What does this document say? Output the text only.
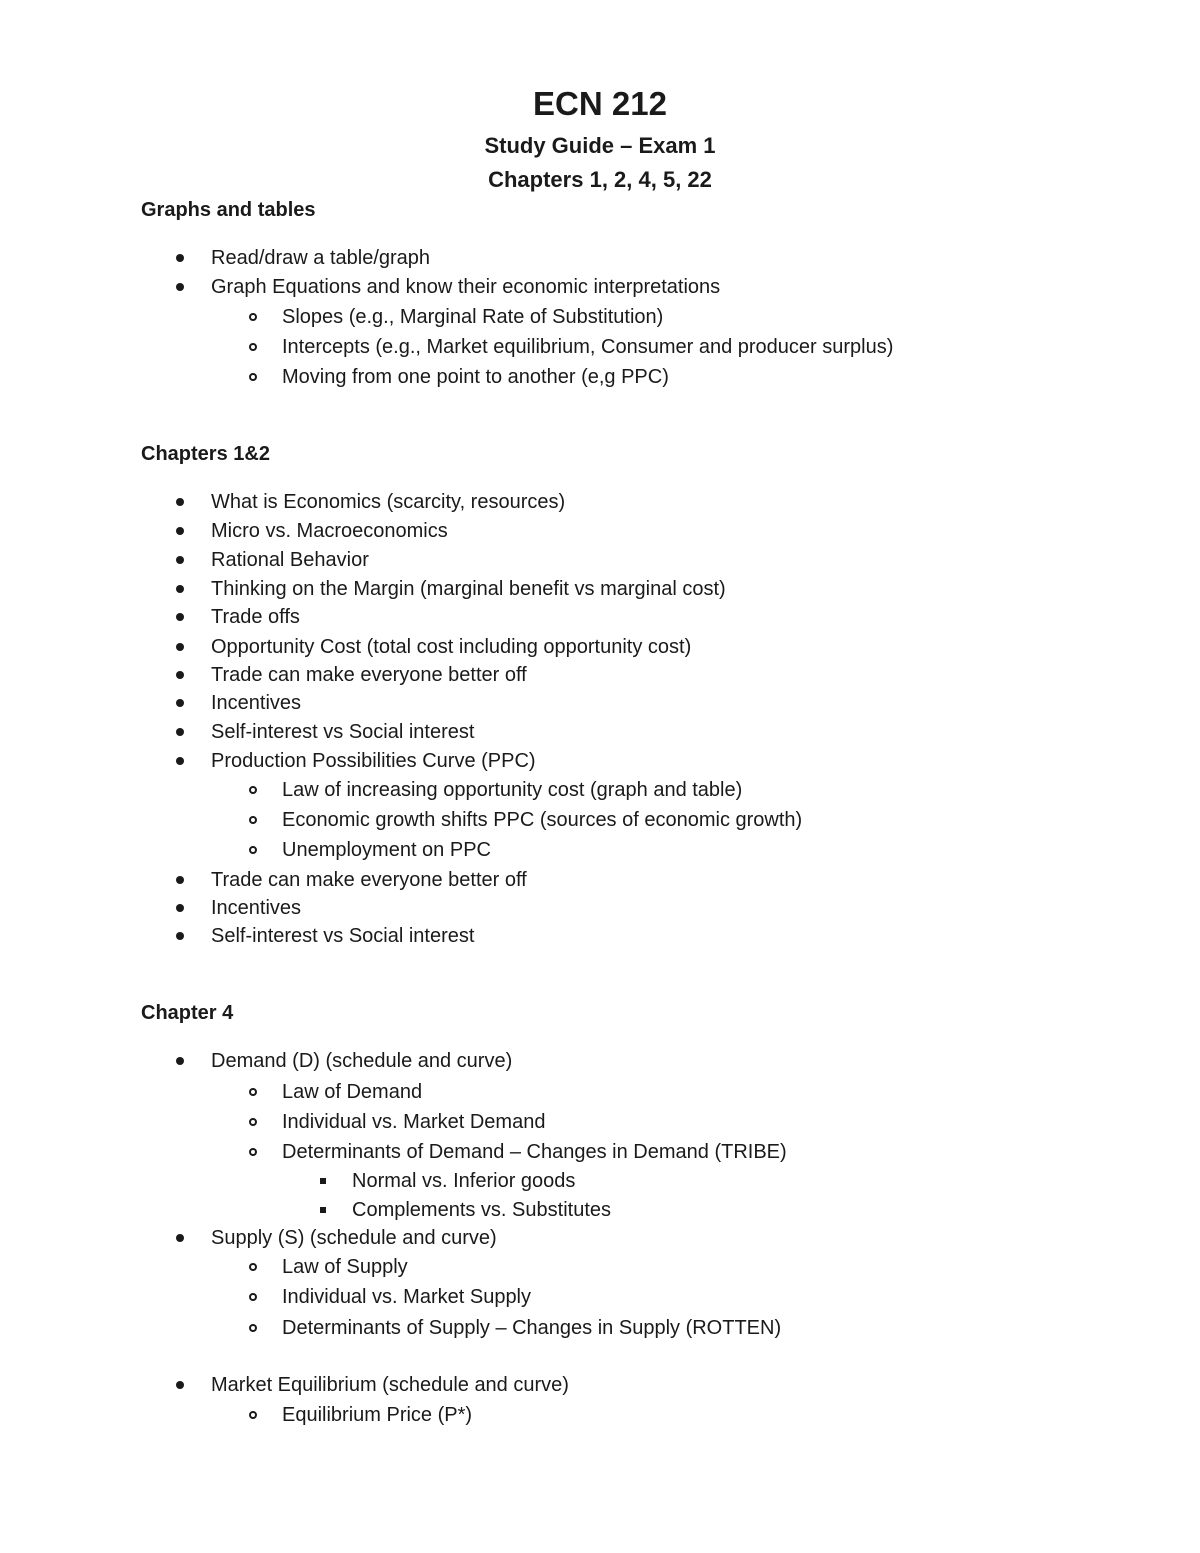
ECN 212
Study Guide – Exam 1
Chapters 1, 2, 4, 5, 22
Graphs and tables
Read/draw a table/graph
Graph Equations and know their economic interpretations
Slopes (e.g., Marginal Rate of Substitution)
Intercepts (e.g., Market equilibrium, Consumer and producer surplus)
Moving from one point to another (e,g PPC)
Chapters 1&2
What is Economics (scarcity, resources)
Micro vs. Macroeconomics
Rational Behavior
Thinking on the Margin (marginal benefit vs marginal cost)
Trade offs
Opportunity Cost (total cost including opportunity cost)
Trade can make everyone better off
Incentives
Self-interest vs Social interest
Production Possibilities Curve (PPC)
Law of increasing opportunity cost (graph and table)
Economic growth shifts PPC (sources of economic growth)
Unemployment on PPC
Trade can make everyone better off
Incentives
Self-interest vs Social interest
Chapter 4
Demand (D) (schedule and curve)
Law of Demand
Individual vs. Market Demand
Determinants of Demand – Changes in Demand (TRIBE)
Normal vs. Inferior goods
Complements vs. Substitutes
Supply (S) (schedule and curve)
Law of Supply
Individual vs. Market Supply
Determinants of Supply – Changes in Supply (ROTTEN)
Market Equilibrium (schedule and curve)
Equilibrium Price (P*)
